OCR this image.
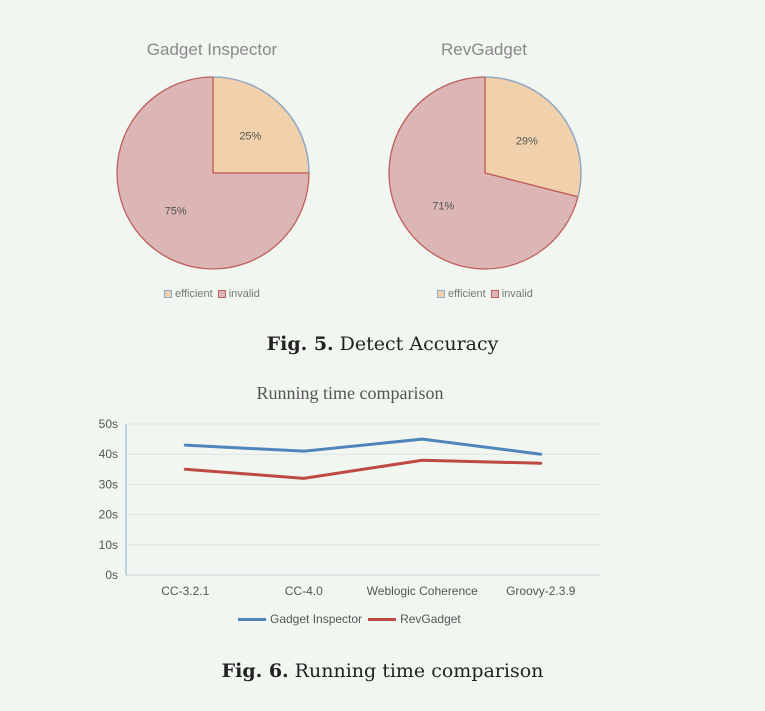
Gadget Inspector
25%
75%
efficient invalid
RevGadget
29%
71%
efficient invalid
Fig. 5. Detect Accuracy
Running time comparison
0s
10s
20s
30s
40s
50s
CC-3.2.1	CC-4.0	Weblogic Coherence Groovy-2.3.9
Gadget Inspector	RevGadget
Fig. 6. Running time comparison
